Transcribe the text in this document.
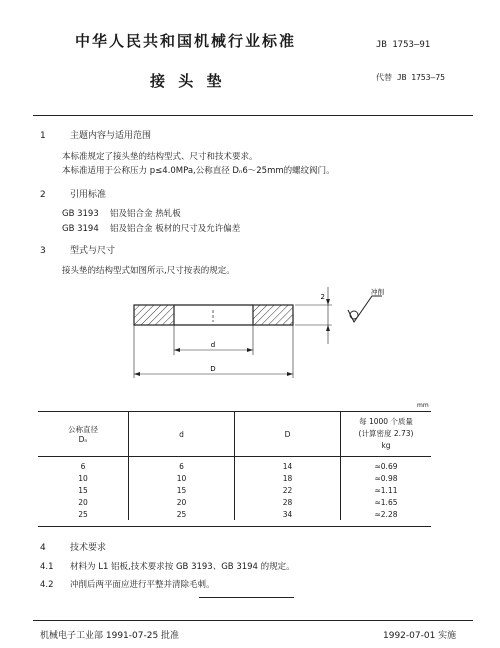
中华人民共和国机械行业标准	JB 1753—91
接 头 垫	代替 JB 1753—75
1	主题内容与适用范围
本标准规定了接头垫的结构型式、尺寸和技术要求。
本标准适用于公称压力 p≤4.0MPa,公称直径 Dₙ6～25mm的螺纹阀门。
2	引用标准
GB 3193 铝及铝合金 热轧板
GB 3194 铝及铝合金 板材的尺寸及允许偏差
3	型式与尺寸
接头垫的结构型式如图所示,尺寸按表的规定。
2
d
D
冲削
mm
公称直径
Dₙ	d	D	每 1000 个质量
(计算密度 2.73)
kg
6	6	14	≈0.69
10	10	18	≈0.98
15	15	22	≈1.11
20	20	28	≈1.65
25	25	34	≈2.28
4	技术要求
4.1 材料为 L1 铝板,技术要求按 GB 3193、GB 3194 的规定。
4.2 冲削后两平面应进行平整并清除毛刺。
机械电子工业部 1991-07-25 批准	1992-07-01 实施
